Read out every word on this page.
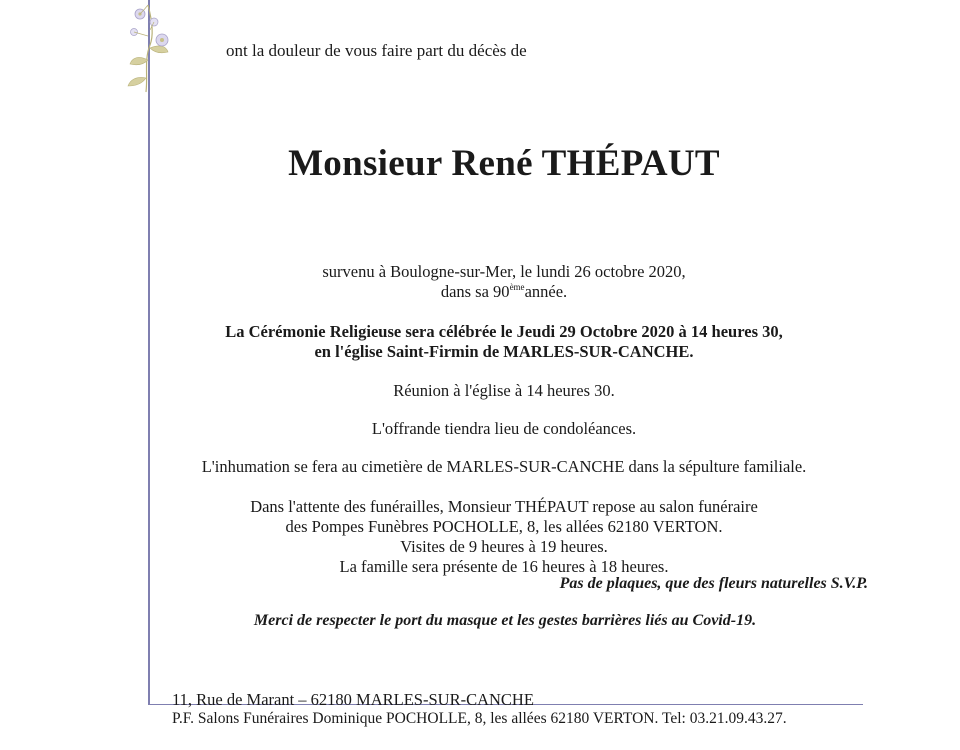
ont la douleur de vous faire part du décès de
Monsieur René THÉPAUT
survenu à Boulogne-sur-Mer, le lundi 26 octobre 2020,
dans sa 90èmeannée.
La Cérémonie Religieuse sera célébrée le Jeudi 29 Octobre 2020 à 14 heures 30,
en l'église Saint-Firmin de MARLES-SUR-CANCHE.
Réunion à l'église à 14 heures 30.
L'offrande tiendra lieu de condoléances.
L'inhumation se fera au cimetière de MARLES-SUR-CANCHE dans la sépulture familiale.
Dans l'attente des funérailles, Monsieur THÉPAUT repose au salon funéraire
des Pompes Funèbres POCHOLLE, 8, les allées 62180 VERTON.
Visites de 9 heures à 19 heures.
La famille sera présente de 16 heures à 18 heures.
Pas de plaques, que des fleurs naturelles S.V.P.
Merci de respecter le port du masque et les gestes barrières liés au Covid-19.
11, Rue de Marant – 62180 MARLES-SUR-CANCHE
P.F. Salons Funéraires Dominique POCHOLLE, 8, les allées 62180 VERTON. Tel: 03.21.09.43.27.
